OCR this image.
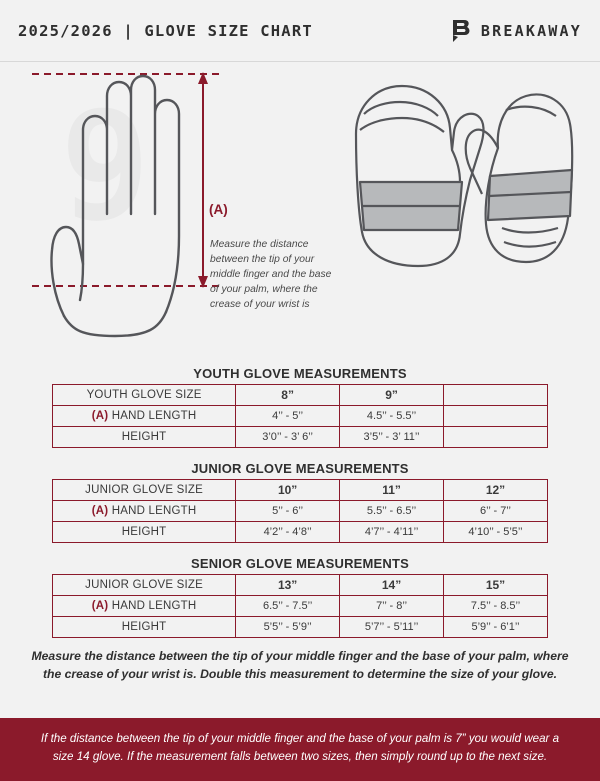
2025/2026 | GLOVE SIZE CHART	BREAKAWAY
(A)
Measure the distance between the tip of your middle finger and the base of your palm, where the crease of your wrist is
YOUTH GLOVE MEASUREMENTS
YOUTH GLOVE SIZE	8”	9”	
(A) HAND LENGTH	4’’ - 5’’	4.5’’ - 5.5’’	
HEIGHT	3’0’’ - 3’ 6’’	3’5’’ - 3’ 11’’	
JUNIOR GLOVE MEASUREMENTS
JUNIOR GLOVE SIZE	10”	11”	12”
(A) HAND LENGTH	5’’ - 6’’	5.5’’ - 6.5’’	6’’ - 7’’
HEIGHT	4’2’’ - 4’8’’	4’7’’ - 4’11’’	4’10’’ - 5’5’’
SENIOR GLOVE MEASUREMENTS
JUNIOR GLOVE SIZE	13”	14”	15”
(A) HAND LENGTH	6.5’’ - 7.5’’	7’’ - 8’’	7.5’’ - 8.5’’
HEIGHT	5’5’’ - 5’9’’	5’7’’ - 5’11’’	5’9’’ - 6’1’’
Measure the distance between the tip of your middle finger and the base of your palm, where the crease of your wrist is. Double this measurement to determine the size of your glove.
If the distance between the tip of your middle finger and the base of your palm is 7” you would wear a size 14 glove. If the measurement falls between two sizes, then simply round up to the next size.
